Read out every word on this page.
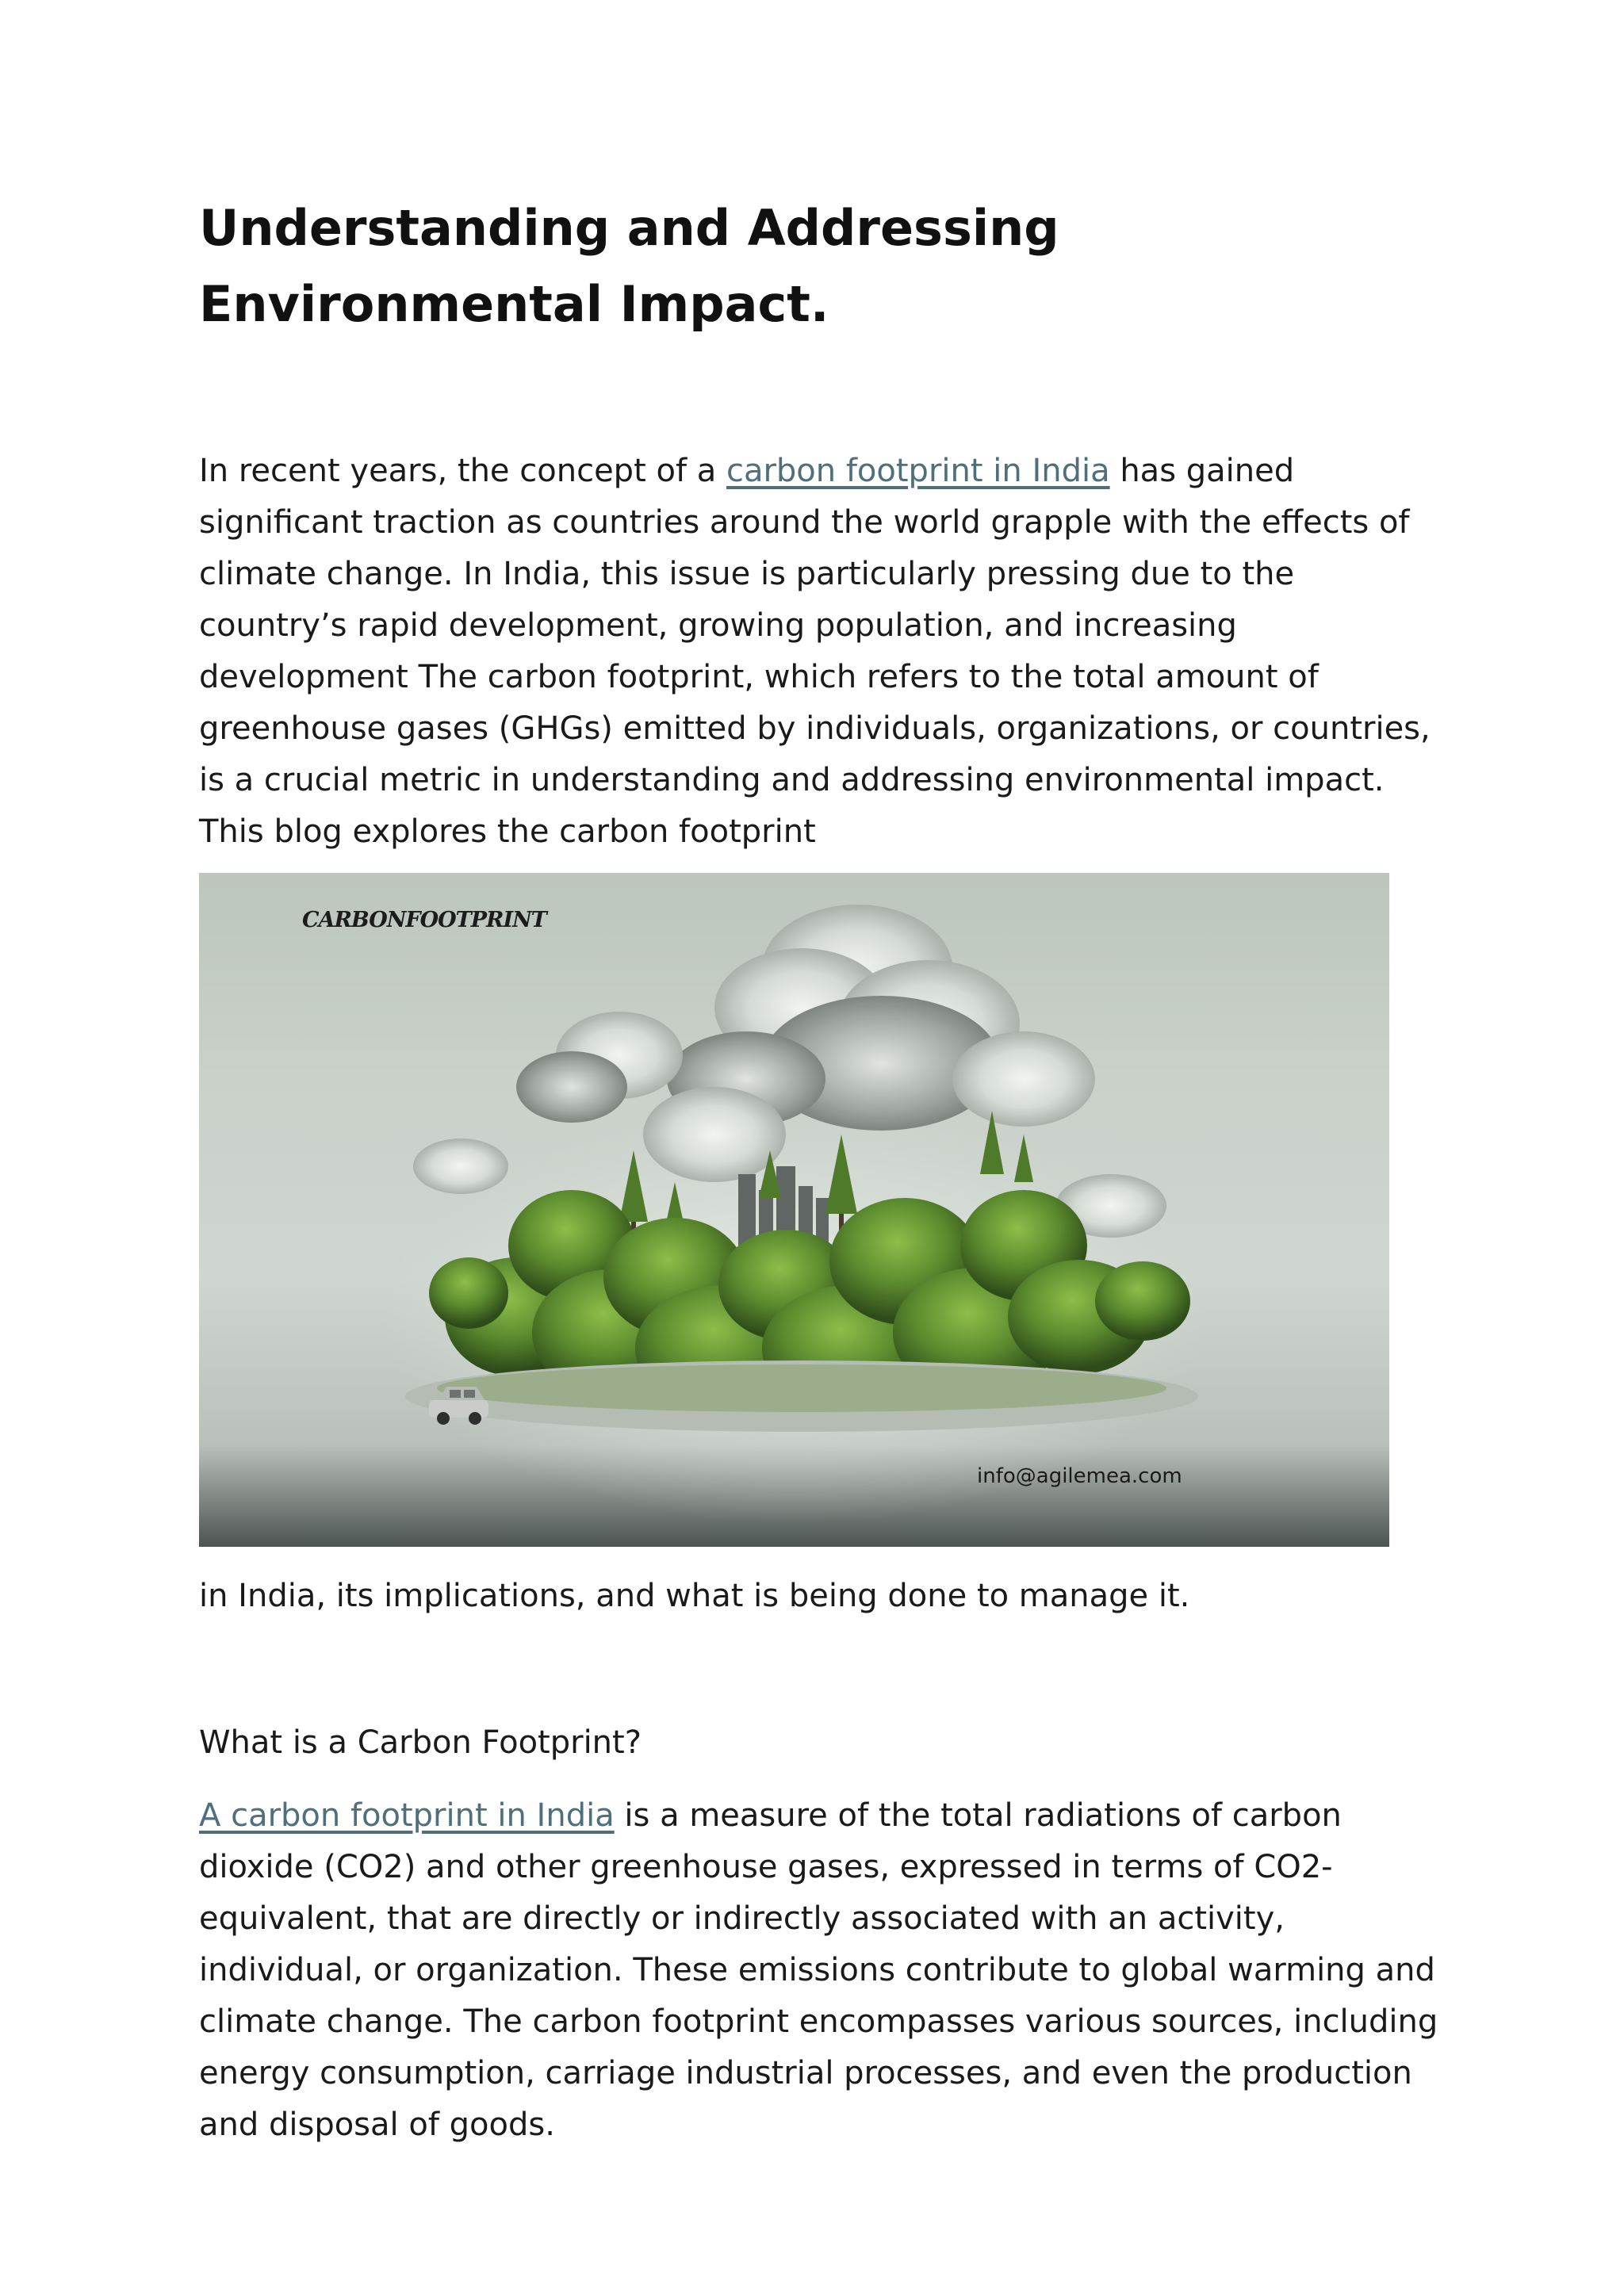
Understanding and Addressing Environmental Impact.

In recent years, the concept of a carbon footprint in India has gained significant traction as countries around the world grapple with the effects of climate change. In India, this issue is particularly pressing due to the country’s rapid development, growing population, and increasing development The carbon footprint, which refers to the total amount of greenhouse gases (GHGs) emitted by individuals, organizations, or countries, is a crucial metric in understanding and addressing environmental impact. This blog explores the carbon footprint

CARBONFOOTPRINT
info@agilemea.com

in India, its implications, and what is being done to manage it.

What is a Carbon Footprint?

A carbon footprint in India is a measure of the total radiations of carbon dioxide (CO2) and other greenhouse gases, expressed in terms of CO2-equivalent, that are directly or indirectly associated with an activity, individual, or organization. These emissions contribute to global warming and climate change. The carbon footprint encompasses various sources, including energy consumption, carriage industrial processes, and even the production and disposal of goods.
